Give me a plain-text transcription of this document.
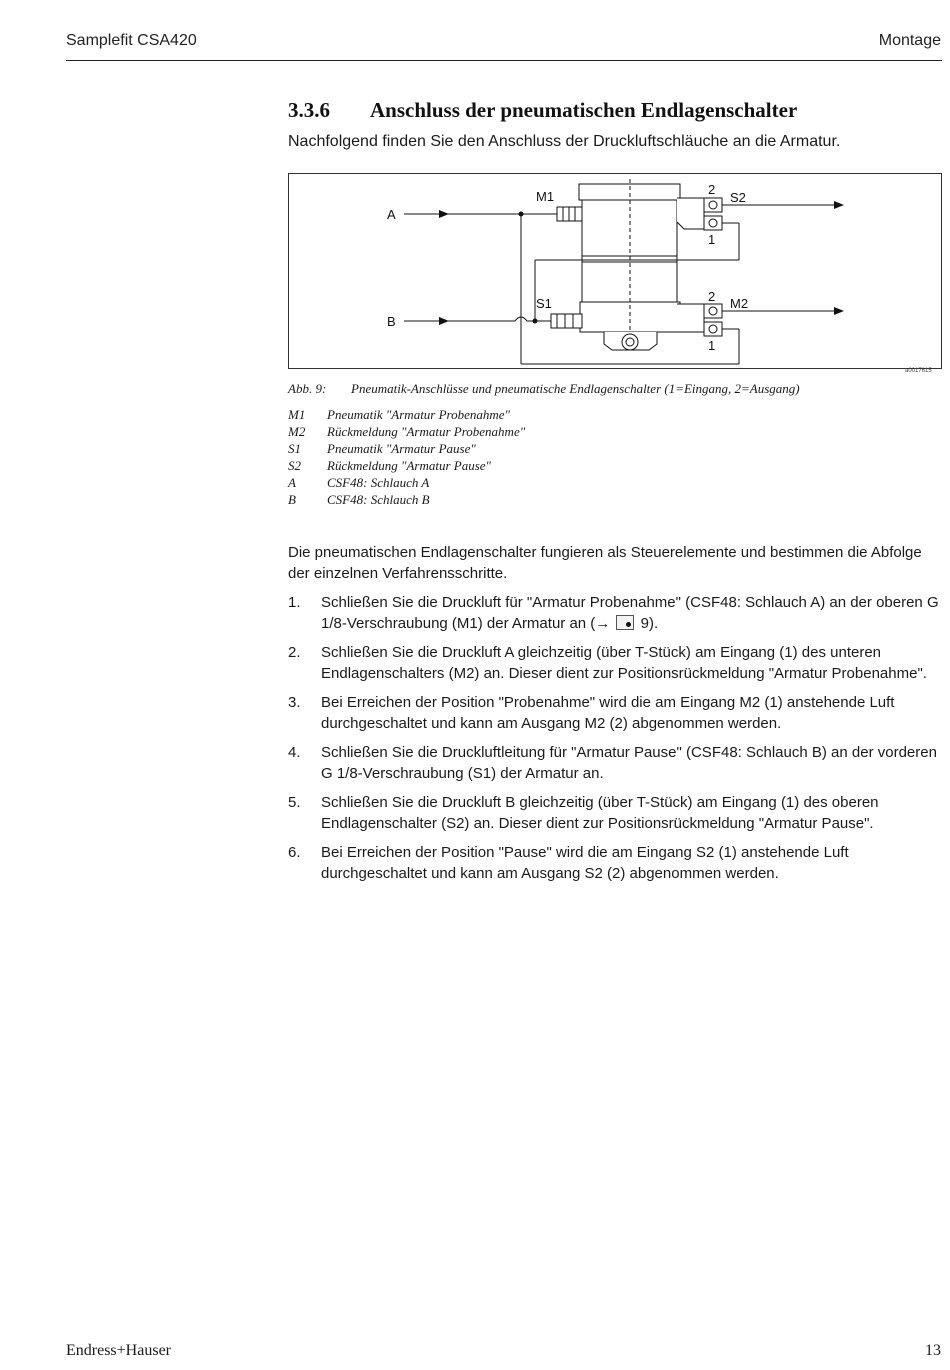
Samplefit CSA420	Montage
3.3.6 Anschluss der pneumatischen Endlagenschalter
Nachfolgend finden Sie den Anschluss der Druckluftschläuche an die Armatur.
A
B
M1
S1
S2
M2
2
1
2
1
a0017615
Abb. 9: Pneumatik-Anschlüsse und pneumatische Endlagenschalter (1=Eingang, 2=Ausgang)
M1	Pneumatik "Armatur Probenahme"
M2	Rückmeldung "Armatur Probenahme"
S1	Pneumatik "Armatur Pause"
S2	Rückmeldung "Armatur Pause"
A	CSF48: Schlauch A
B	CSF48: Schlauch B
Die pneumatischen Endlagenschalter fungieren als Steuerelemente und bestimmen die Abfolge der einzelnen Verfahrensschritte.
1.	Schließen Sie die Druckluft für "Armatur Probenahme" (CSF48: Schlauch A) an der oberen G 1/8-Verschraubung (M1) der Armatur an (→ 9).
2.	Schließen Sie die Druckluft A gleichzeitig (über T-Stück) am Eingang (1) des unteren Endlagenschalters (M2) an. Dieser dient zur Positionsrückmeldung "Armatur Probenahme".
3.	Bei Erreichen der Position "Probenahme" wird die am Eingang M2 (1) anstehende Luft durchgeschaltet und kann am Ausgang M2 (2) abgenommen werden.
4.	Schließen Sie die Druckluftleitung für "Armatur Pause" (CSF48: Schlauch B) an der vorderen G 1/8-Verschraubung (S1) der Armatur an.
5.	Schließen Sie die Druckluft B gleichzeitig (über T-Stück) am Eingang (1) des oberen Endlagenschalter (S2) an. Dieser dient zur Positionsrückmeldung "Armatur Pause".
6.	Bei Erreichen der Position "Pause" wird die am Eingang S2 (1) anstehende Luft durchgeschaltet und kann am Ausgang S2 (2) abgenommen werden.
Endress+Hauser	13
